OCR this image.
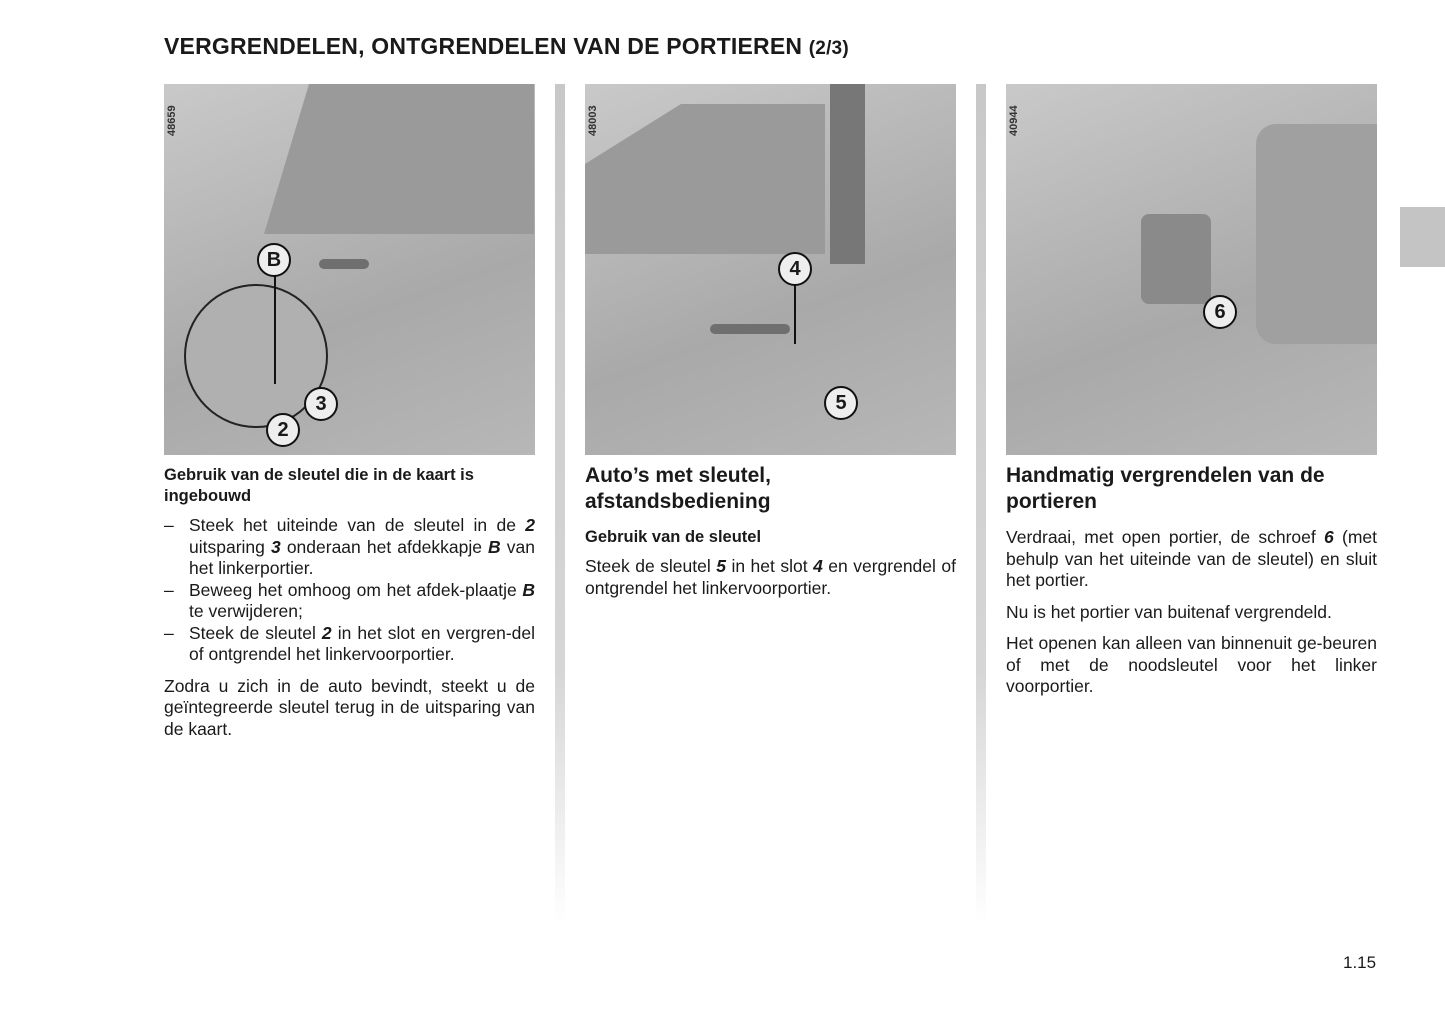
VERGRENDELEN, ONTGRENDELEN VAN DE PORTIEREN (2/3)
48659
B
3
2
Gebruik van de sleutel die in de kaart is ingebouwd
– Steek het uiteinde van de sleutel in de 2 uitsparing 3 onderaan het afdekkapje B van het linkerportier.
– Beweeg het omhoog om het afdek-plaatje B te verwijderen;
– Steek de sleutel 2 in het slot en vergren-del of ontgrendel het linkervoorportier.

Zodra u zich in de auto bevindt, steekt u de geïntegreerde sleutel terug in de uitsparing van de kaart.

48003
4
5
Auto’s met sleutel, afstandsbediening
Gebruik van de sleutel

Steek de sleutel 5 in het slot 4 en vergrendel of ontgrendel het linkervoorportier.

40944
6
Handmatig vergrendelen van de portieren

Verdraai, met open portier, de schroef 6 (met behulp van het uiteinde van de sleutel) en sluit het portier.

Nu is het portier van buitenaf vergrendeld.

Het openen kan alleen van binnenuit ge-beuren of met de noodsleutel voor het linker voorportier.

1.15
